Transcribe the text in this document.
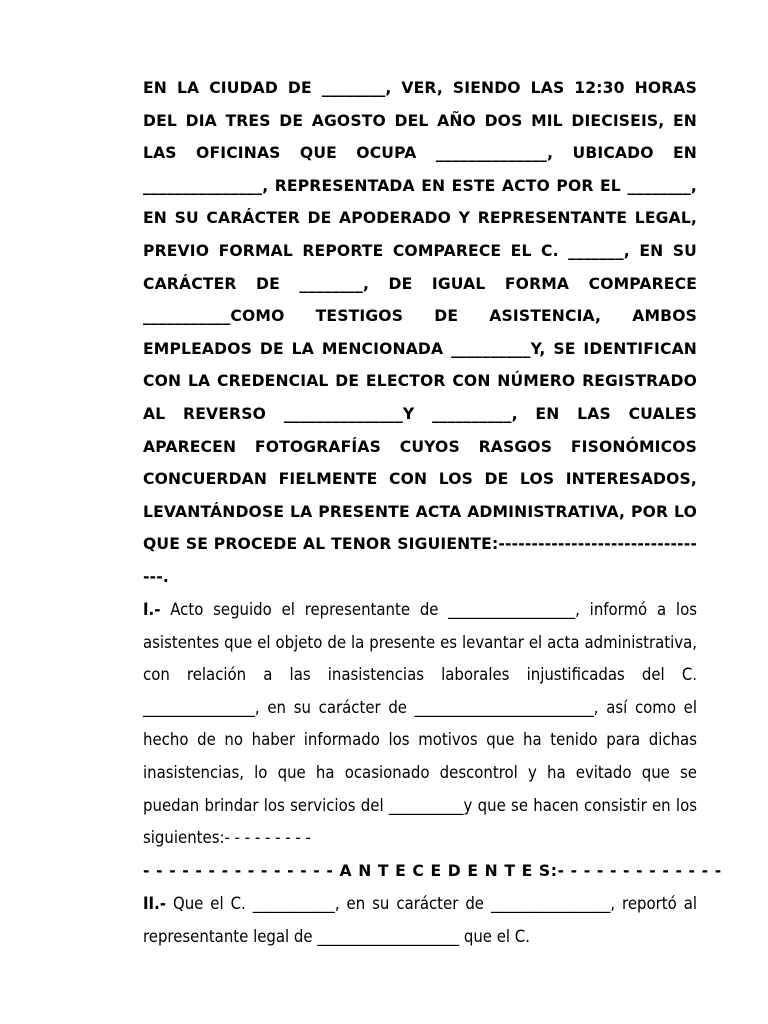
EN LA CIUDAD DE ________, VER, SIENDO LAS 12:30 HORAS DEL DIA TRES DE AGOSTO DEL AÑO DOS MIL DIECISEIS, EN LAS OFICINAS QUE OCUPA ______________, UBICADO EN _______________, REPRESENTADA EN ESTE ACTO POR EL ________, EN SU CARÁCTER DE APODERADO Y REPRESENTANTE LEGAL, PREVIO FORMAL REPORTE COMPARECE EL C. _______, EN SU CARÁCTER DE ________, DE IGUAL FORMA COMPARECE ___________COMO TESTIGOS DE ASISTENCIA, AMBOS EMPLEADOS DE LA MENCIONADA __________Y, SE IDENTIFICAN CON LA CREDENCIAL DE ELECTOR CON NÚMERO REGISTRADO AL REVERSO _______________Y __________, EN LAS CUALES APARECEN FOTOGRAFÍAS CUYOS RASGOS FISONÓMICOS CONCUERDAN FIELMENTE CON LOS DE LOS INTERESADOS, LEVANTÁNDOSE LA PRESENTE ACTA ADMINISTRATIVA, POR LO QUE SE PROCEDE AL TENOR SIGUIENTE:---------------------------------.

I.- Acto seguido el representante de _________________, informó a los asistentes que el objeto de la presente es levantar el acta administrativa, con relación a las inasistencias laborales injustificadas del C. _______________, en su carácter de ________________________, así como el hecho de no haber informado los motivos que ha tenido para dichas inasistencias, lo que ha ocasionado descontrol y ha evitado que se puedan brindar los servicios del __________y que se hacen consistir en los siguientes:- - - - - - - - -

- - - - - - - - - - - - - - - A N T E C E D E N T E S:- - - - - - - - - - - - -

II.- Que el C. ___________, en su carácter de ________________, reportó al representante legal de ___________________ que el C.
